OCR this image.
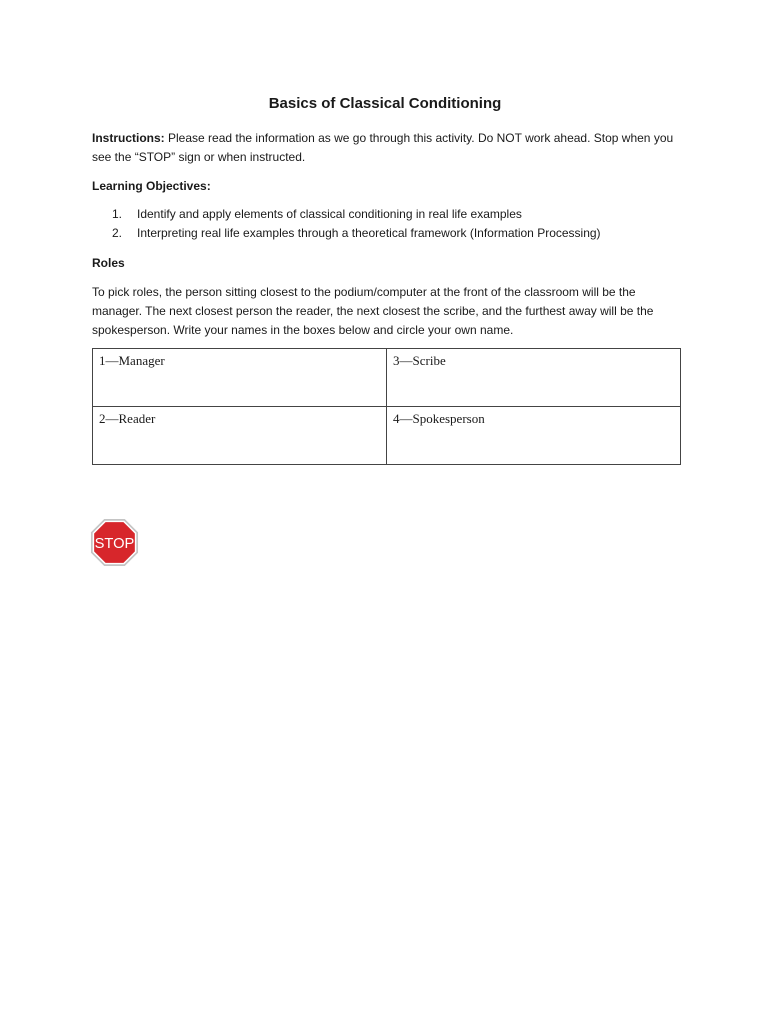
Basics of Classical Conditioning
Instructions: Please read the information as we go through this activity. Do NOT work ahead. Stop when you see the “STOP” sign or when instructed.
Learning Objectives:
1.	Identify and apply elements of classical conditioning in real life examples
2.	Interpreting real life examples through a theoretical framework (Information Processing)
Roles
To pick roles, the person sitting closest to the podium/computer at the front of the classroom will be the manager. The next closest person the reader, the next closest the scribe, and the furthest away will be the spokesperson. Write your names in the boxes below and circle your own name.
1—Manager	3—Scribe
2—Reader	4—Spokesperson
STOP
